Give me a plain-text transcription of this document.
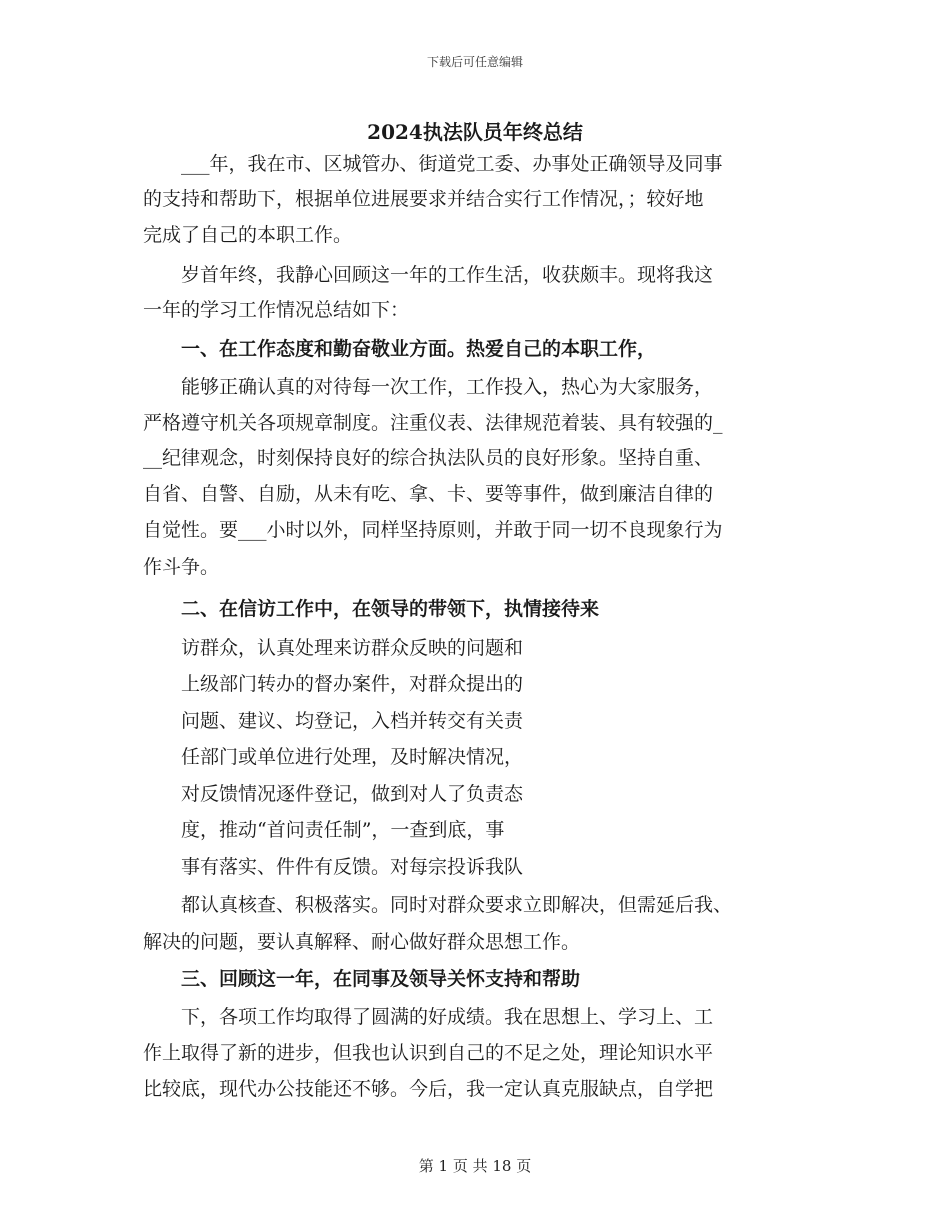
下载后可任意编辑
2024执法队员年终总结
　　___年，我在市、区城管办、街道党工委、办事处正确领导及同事
的支持和帮助下，根据单位进展要求并结合实行工作情况，；较好地
完成了自己的本职工作。
　　岁首年终，我静心回顾这一年的工作生活，收获颇丰。现将我这
一年的学习工作情况总结如下：
　　一、在工作态度和勤奋敬业方面。热爱自己的本职工作，
　　能够正确认真的对待每一次工作，工作投入，热心为大家服务，
严格遵守机关各项规章制度。注重仪表、法律规范着装、具有较强的_
__纪律观念，时刻保持良好的综合执法队员的良好形象。坚持自重、
自省、自警、自励，从未有吃、拿、卡、要等事件，做到廉洁自律的
自觉性。要___小时以外，同样坚持原则，并敢于同一切不良现象行为
作斗争。
　　二、在信访工作中，在领导的带领下，执情接待来
　　访群众，认真处理来访群众反映的问题和
　　上级部门转办的督办案件，对群众提出的
　　问题、建议、均登记，入档并转交有关责
　　任部门或单位进行处理，及时解决情况，
　　对反馈情况逐件登记，做到对人了负责态
　　度，推动“首问责任制”，一查到底，事
　　事有落实、件件有反馈。对每宗投诉我队
　　都认真核查、积极落实。同时对群众要求立即解决，但需延后我、
解决的问题，要认真解释、耐心做好群众思想工作。
　　三、回顾这一年，在同事及领导关怀支持和帮助
　　下，各项工作均取得了圆满的好成绩。我在思想上、学习上、工
作上取得了新的进步，但我也认识到自己的不足之处，理论知识水平
比较底，现代办公技能还不够。今后，我一定认真克服缺点，自学把
第 1 页 共 18 页
